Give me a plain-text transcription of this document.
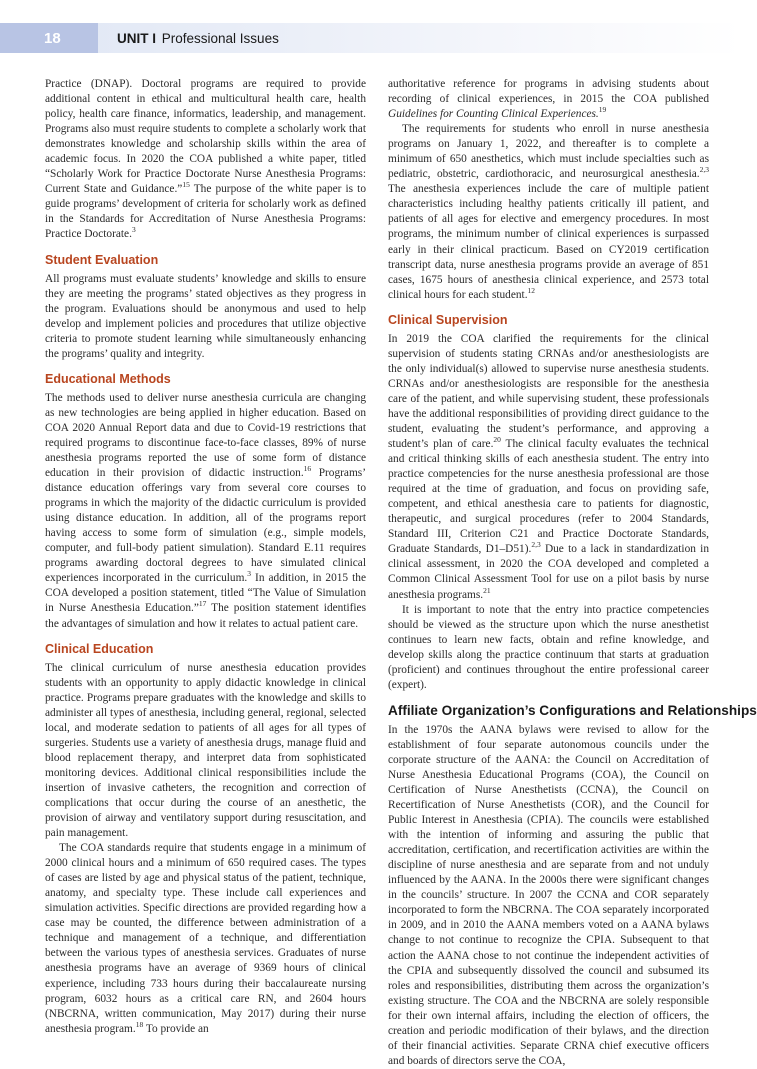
18	UNIT I Professional Issues

Practice (DNAP). Doctoral programs are required to provide additional content in ethical and multicultural health care, health policy, health care finance, informatics, leadership, and management. Programs also must require students to complete a scholarly work that demonstrates knowledge and scholarship skills within the area of academic focus. In 2020 the COA published a white paper, titled “Scholarly Work for Practice Doctorate Nurse Anesthesia Programs: Current State and Guidance.”$^{15}$ The purpose of the white paper is to guide programs’ development of criteria for scholarly work as defined in the Standards for Accreditation of Nurse Anesthesia Programs: Practice Doctorate.$^3$

Student Evaluation

All programs must evaluate students’ knowledge and skills to ensure they are meeting the programs’ stated objectives as they progress in the program. Evaluations should be anonymous and used to help develop and implement policies and procedures that utilize objective criteria to promote student learning while simultaneously enhancing the programs’ quality and integrity.

Educational Methods

The methods used to deliver nurse anesthesia curricula are changing as new technologies are being applied in higher education. Based on COA 2020 Annual Report data and due to Covid-19 restrictions that required programs to discontinue face-to-face classes, 89% of nurse anesthesia programs reported the use of some form of distance education in their provision of didactic instruction.$^{16}$ Programs’ distance education offerings vary from several core courses to programs in which the majority of the didactic curriculum is provided using distance education. In addition, all of the programs report having access to some form of simulation (e.g., simple models, computer, and full-body patient simulation). Standard E.11 requires programs awarding doctoral degrees to have simulated clinical experiences incorporated in the curriculum.$^3$ In addition, in 2015 the COA developed a position statement, titled “The Value of Simulation in Nurse Anesthesia Education.”$^{17}$ The position statement identifies the advantages of simulation and how it relates to actual patient care.

Clinical Education

The clinical curriculum of nurse anesthesia education provides students with an opportunity to apply didactic knowledge in clinical practice. Programs prepare graduates with the knowledge and skills to administer all types of anesthesia, including general, regional, selected local, and moderate sedation to patients of all ages for all types of surgeries. Students use a variety of anesthesia drugs, manage fluid and blood replacement therapy, and interpret data from sophisticated monitoring devices. Additional clinical responsibilities include the insertion of invasive catheters, the recognition and correction of complications that occur during the course of an anesthetic, the provision of airway and ventilatory support during resuscitation, and pain management.

The COA standards require that students engage in a minimum of 2000 clinical hours and a minimum of 650 required cases. The types of cases are listed by age and physical status of the patient, technique, anatomy, and specialty type. These include call experiences and simulation activities. Specific directions are provided regarding how a case may be counted, the difference between administration of a technique and management of a technique, and differentiation between the various types of anesthesia services. Graduates of nurse anesthesia programs have an average of 9369 hours of clinical experience, including 733 hours during their baccalaureate nursing program, 6032 hours as a critical care RN, and 2604 hours (NBCRNA, written communication, May 2017) during their nurse anesthesia program.$^{18}$ To provide an

authoritative reference for programs in advising students about recording of clinical experiences, in 2015 the COA published Guidelines for Counting Clinical Experiences.$^{19}$

The requirements for students who enroll in nurse anesthesia programs on January 1, 2022, and thereafter is to complete a minimum of 650 anesthetics, which must include specialties such as pediatric, obstetric, cardiothoracic, and neurosurgical anesthesia.$^{2,3}$ The anesthesia experiences include the care of multiple patient characteristics including healthy patients critically ill patient, and patients of all ages for elective and emergency procedures. In most programs, the minimum number of clinical experiences is surpassed early in their clinical practicum. Based on CY2019 certification transcript data, nurse anesthesia programs provide an average of 851 cases, 1675 hours of anesthesia clinical experience, and 2573 total clinical hours for each student.$^{12}$

Clinical Supervision

In 2019 the COA clarified the requirements for the clinical supervision of students stating CRNAs and/or anesthesiologists are the only individual(s) allowed to supervise nurse anesthesia students. CRNAs and/or anesthesiologists are responsible for the anesthesia care of the patient, and while supervising student, these professionals have the additional responsibilities of providing direct guidance to the student, evaluating the student’s performance, and approving a student’s plan of care.$^{20}$ The clinical faculty evaluates the technical and critical thinking skills of each anesthesia student. The entry into practice competencies for the nurse anesthesia professional are those required at the time of graduation, and focus on providing safe, competent, and ethical anesthesia care to patients for diagnostic, therapeutic, and surgical procedures (refer to 2004 Standards, Standard III, Criterion C21 and Practice Doctorate Standards, Graduate Standards, D1–D51).$^{2,3}$ Due to a lack in standardization in clinical assessment, in 2020 the COA developed and completed a Common Clinical Assessment Tool for use on a pilot basis by nurse anesthesia programs.$^{21}$

It is important to note that the entry into practice competencies should be viewed as the structure upon which the nurse anesthetist continues to learn new facts, obtain and refine knowledge, and develop skills along the practice continuum that starts at graduation (proficient) and continues throughout the entire professional career (expert).

Affiliate Organization’s Configurations and Relationships

In the 1970s the AANA bylaws were revised to allow for the establishment of four separate autonomous councils under the corporate structure of the AANA: the Council on Accreditation of Nurse Anesthesia Educational Programs (COA), the Council on Certification of Nurse Anesthetists (CCNA), the Council on Recertification of Nurse Anesthetists (COR), and the Council for Public Interest in Anesthesia (CPIA). The councils were established with the intention of informing and assuring the public that accreditation, certification, and recertification activities are within the discipline of nurse anesthesia and are separate from and not unduly influenced by the AANA. In the 2000s there were significant changes in the councils’ structure. In 2007 the CCNA and COR separately incorporated to form the NBCRNA. The COA separately incorporated in 2009, and in 2010 the AANA members voted on a AANA bylaws change to not continue to recognize the CPIA. Subsequent to that action the AANA chose to not continue the independent activities of the CPIA and subsequently dissolved the council and subsumed its roles and responsibilities, distributing them across the organization’s existing structure. The COA and the NBCRNA are solely responsible for their own internal affairs, including the election of officers, the creation and periodic modification of their bylaws, and the direction of their financial activities. Separate CRNA chief executive officers and boards of directors serve the COA,
